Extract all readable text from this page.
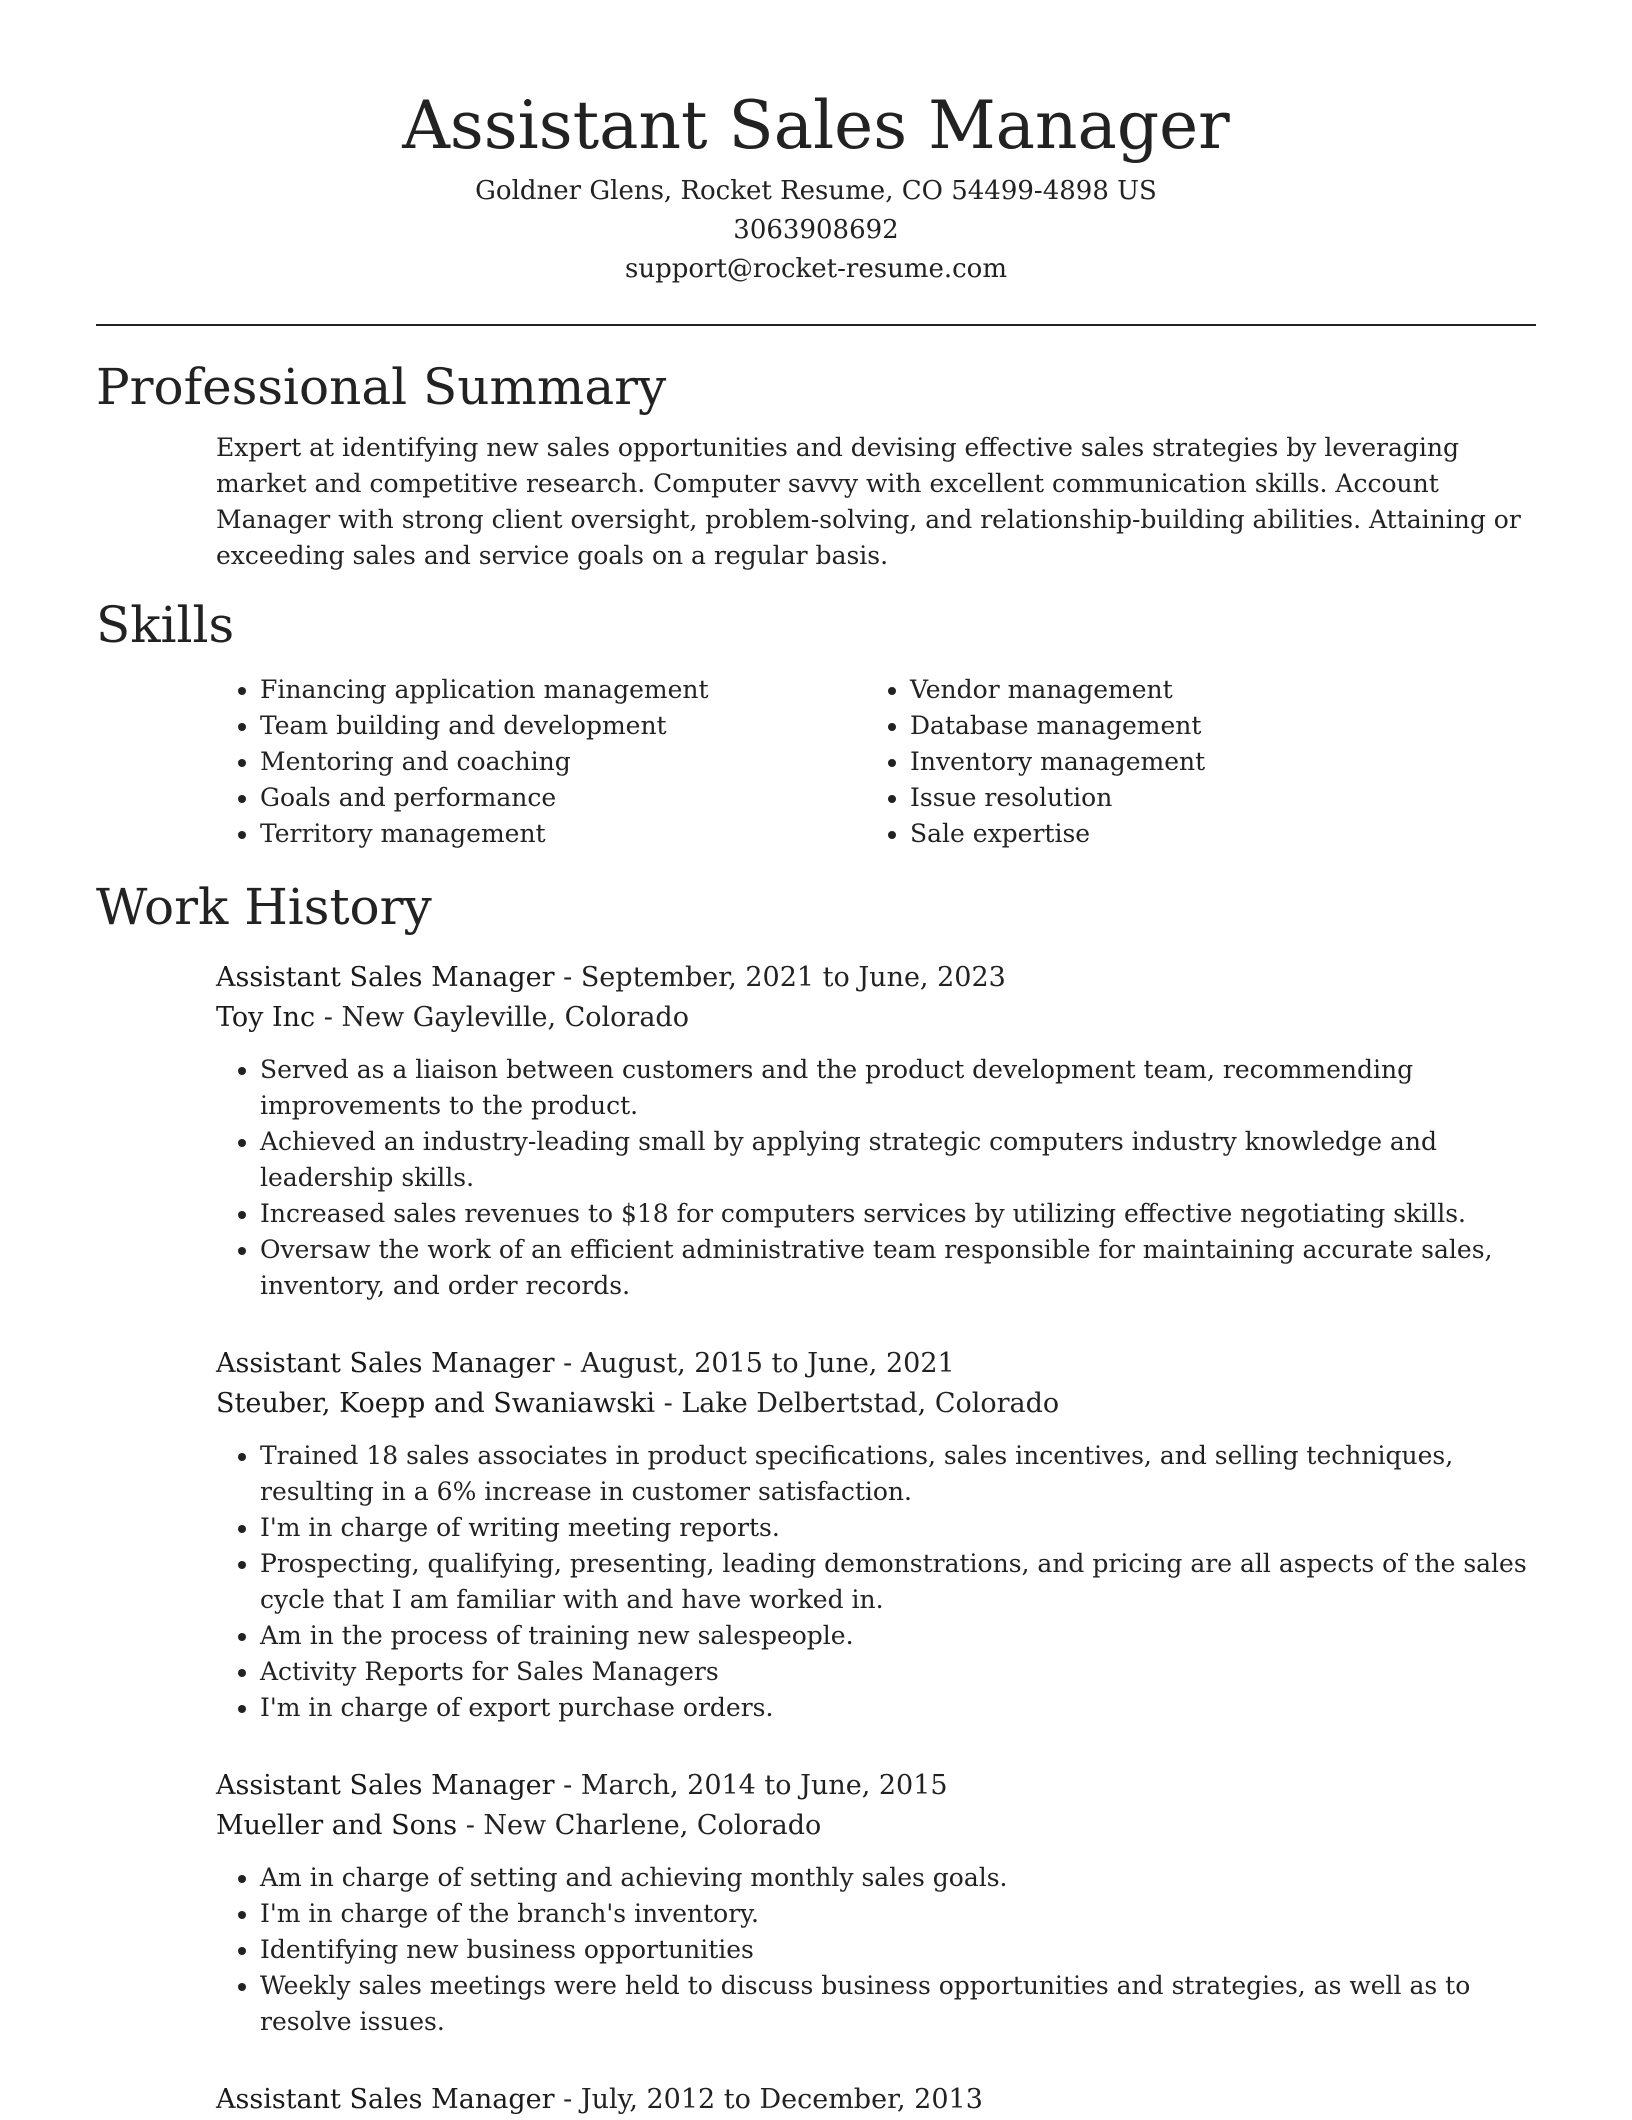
Assistant Sales Manager

Goldner Glens, Rocket Resume, CO 54499-4898 US

3063908692

support@rocket-resume.com

Professional Summary

Expert at identifying new sales opportunities and devising effective sales strategies by leveraging market and competitive research. Computer savvy with excellent communication skills. Account Manager with strong client oversight, problem-solving, and relationship-building abilities. Attaining or exceeding sales and service goals on a regular basis.

Skills
• Financing application management
• Team building and development
• Mentoring and coaching
• Goals and performance
• Territory management
• Vendor management
• Database management
• Inventory management
• Issue resolution
• Sale expertise
Work History

Assistant Sales Manager - September, 2021 to June, 2023

Toy Inc - New Gayleville, Colorado

• Served as a liaison between customers and the product development team, recommending improvements to the product.
• Achieved an industry-leading small by applying strategic computers industry knowledge and leadership skills.
• Increased sales revenues to $18 for computers services by utilizing effective negotiating skills.
• Oversaw the work of an efficient administrative team responsible for maintaining accurate sales, inventory, and order records.

Assistant Sales Manager - August, 2015 to June, 2021

Steuber, Koepp and Swaniawski - Lake Delbertstad, Colorado

• Trained 18 sales associates in product specifications, sales incentives, and selling techniques, resulting in a 6% increase in customer satisfaction.
• I'm in charge of writing meeting reports.
• Prospecting, qualifying, presenting, leading demonstrations, and pricing are all aspects of the sales cycle that I am familiar with and have worked in.
• Am in the process of training new salespeople.
• Activity Reports for Sales Managers
• I'm in charge of export purchase orders.

Assistant Sales Manager - March, 2014 to June, 2015

Mueller and Sons - New Charlene, Colorado

• Am in charge of setting and achieving monthly sales goals.
• I'm in charge of the branch's inventory.
• Identifying new business opportunities
• Weekly sales meetings were held to discuss business opportunities and strategies, as well as to resolve issues.

Assistant Sales Manager - July, 2012 to December, 2013
